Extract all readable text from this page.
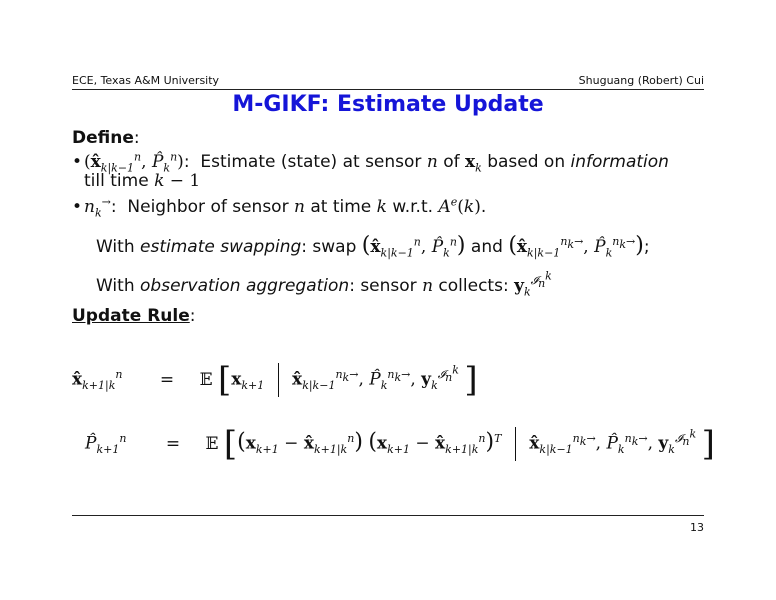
ECE, Texas A&M University	Shuguang (Robert) Cui
M-GIKF: Estimate Update
Define:
• ($x̂_{k|k-1}^n$, $P̂_k^n$):  Estimate (state) at sensor n of $x_k$ based on information
till time k − 1
• $n_k^\to$:  Neighbor of sensor n at time k w.r.t. $A^e(k)$.
With estimate swapping: swap ($x̂_{k|k-1}^n$, $P̂_k^n$) and ($x̂_{k|k-1}^{n_k\to}$, $P̂_k^{n_k\to}$);
With observation aggregation: sensor n collects: $y_k^{𝓘_n^k}$
Update Rule:
$x̂_{k+1|k}^n$ = 𝔼 [$x_{k+1}$ $x̂_{k|k-1}^{n_k\to}$, $P̂_k^{n_k\to}$, $y_k^{𝓘_n^k}$ ]
$P̂_{k+1}^n$ = 𝔼 [($x_{k+1}$ − $x̂_{k+1|k}^n$) ($x_{k+1}$ − $x̂_{k+1|k}^n)^T$ $x̂_{k|k-1}^{n_k\to}$, $P̂_k^{n_k\to}$, $y_k^{𝓘_n^k}$ ]
13
